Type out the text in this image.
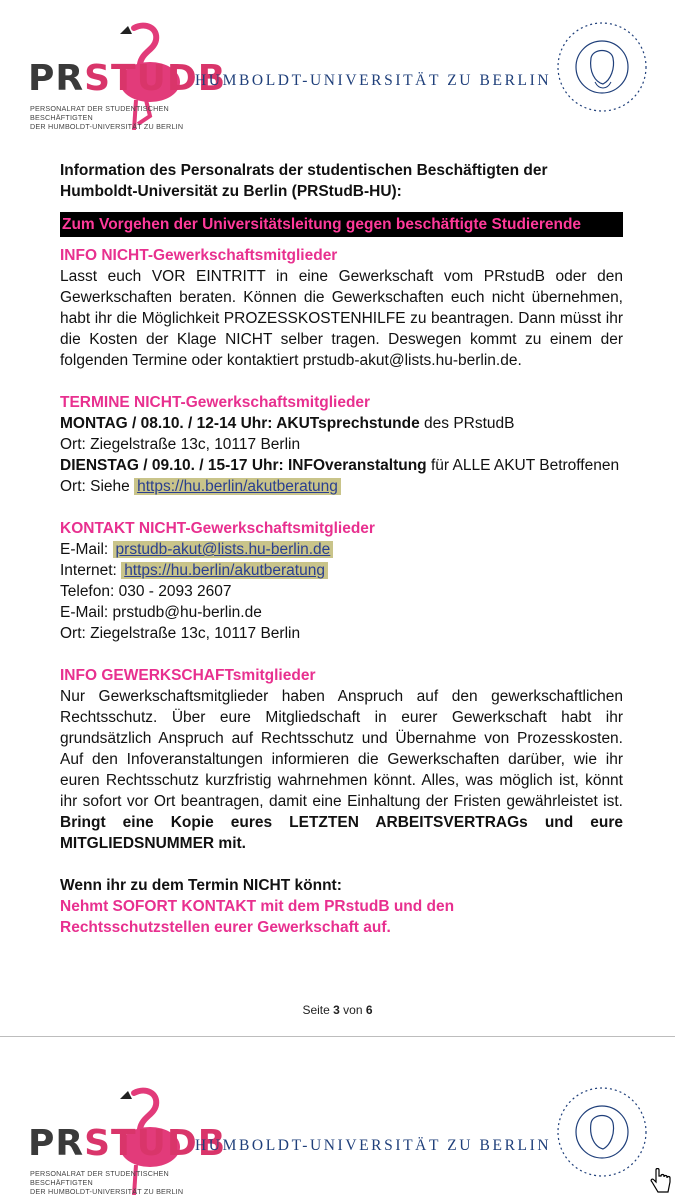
PRSTUDB
PERSONALRAT DER STUDENTISCHEN BESCHÄFTIGTEN
DER HUMBOLDT-UNIVERSITÄT ZU BERLIN
HUMBOLDT-UNIVERSITÄT ZU BERLIN

Information des Personalrats der studentischen Beschäftigten der Humboldt-Universität zu Berlin (PRStudB-HU):

Zum Vorgehen der Universitätsleitung gegen beschäftigte Studierende
INFO NICHT-Gewerkschaftsmitglieder
Lasst euch VOR EINTRITT in eine Gewerkschaft vom PRstudB oder den Gewerkschaften beraten. Können die Gewerkschaften euch nicht übernehmen, habt ihr die Möglichkeit PROZESSKOSTENHILFE zu beantragen. Dann müsst ihr die Kosten der Klage NICHT selber tragen. Deswegen kommt zu einem der folgenden Termine oder kontaktiert prstudb-akut@lists.hu-berlin.de.
TERMINE NICHT-Gewerkschaftsmitglieder
MONTAG / 08.10. / 12-14 Uhr: AKUTsprechstunde des PRstudB
Ort: Ziegelstraße 13c, 10117 Berlin
DIENSTAG / 09.10. / 15-17 Uhr: INFOveranstaltung für ALLE AKUT Betroffenen
Ort: Siehe https://hu.berlin/akutberatung
KONTAKT NICHT-Gewerkschaftsmitglieder
E-Mail: prstudb-akut@lists.hu-berlin.de
Internet: https://hu.berlin/akutberatung
Telefon: 030 - 2093 2607
E-Mail: prstudb@hu-berlin.de
Ort: Ziegelstraße 13c, 10117 Berlin
INFO GEWERKSCHAFTsmitglieder
Nur Gewerkschaftsmitglieder haben Anspruch auf den gewerkschaftlichen Rechtsschutz. Über eure Mitgliedschaft in eurer Gewerkschaft habt ihr grundsätzlich Anspruch auf Rechtsschutz und Übernahme von Prozesskosten. Auf den Infoveranstaltungen informieren die Gewerkschaften darüber, wie ihr euren Rechtsschutz kurzfristig wahrnehmen könnt. Alles, was möglich ist, könnt ihr sofort vor Ort beantragen, damit eine Einhaltung der Fristen gewährleistet ist. Bringt eine Kopie eures LETZTEN ARBEITSVERTRAGs und eure MITGLIEDSNUMMER mit.
Wenn ihr zu dem Termin NICHT könnt:
Nehmt SOFORT KONTAKT mit dem PRstudB und den Rechtsschutzstellen eurer Gewerkschaft auf.
Seite 3 von 6
PRSTUDB
PERSONALRAT DER STUDENTISCHEN BESCHÄFTIGTEN
DER HUMBOLDT-UNIVERSITÄT ZU BERLIN
HUMBOLDT-UNIVERSITÄT ZU BERLIN
